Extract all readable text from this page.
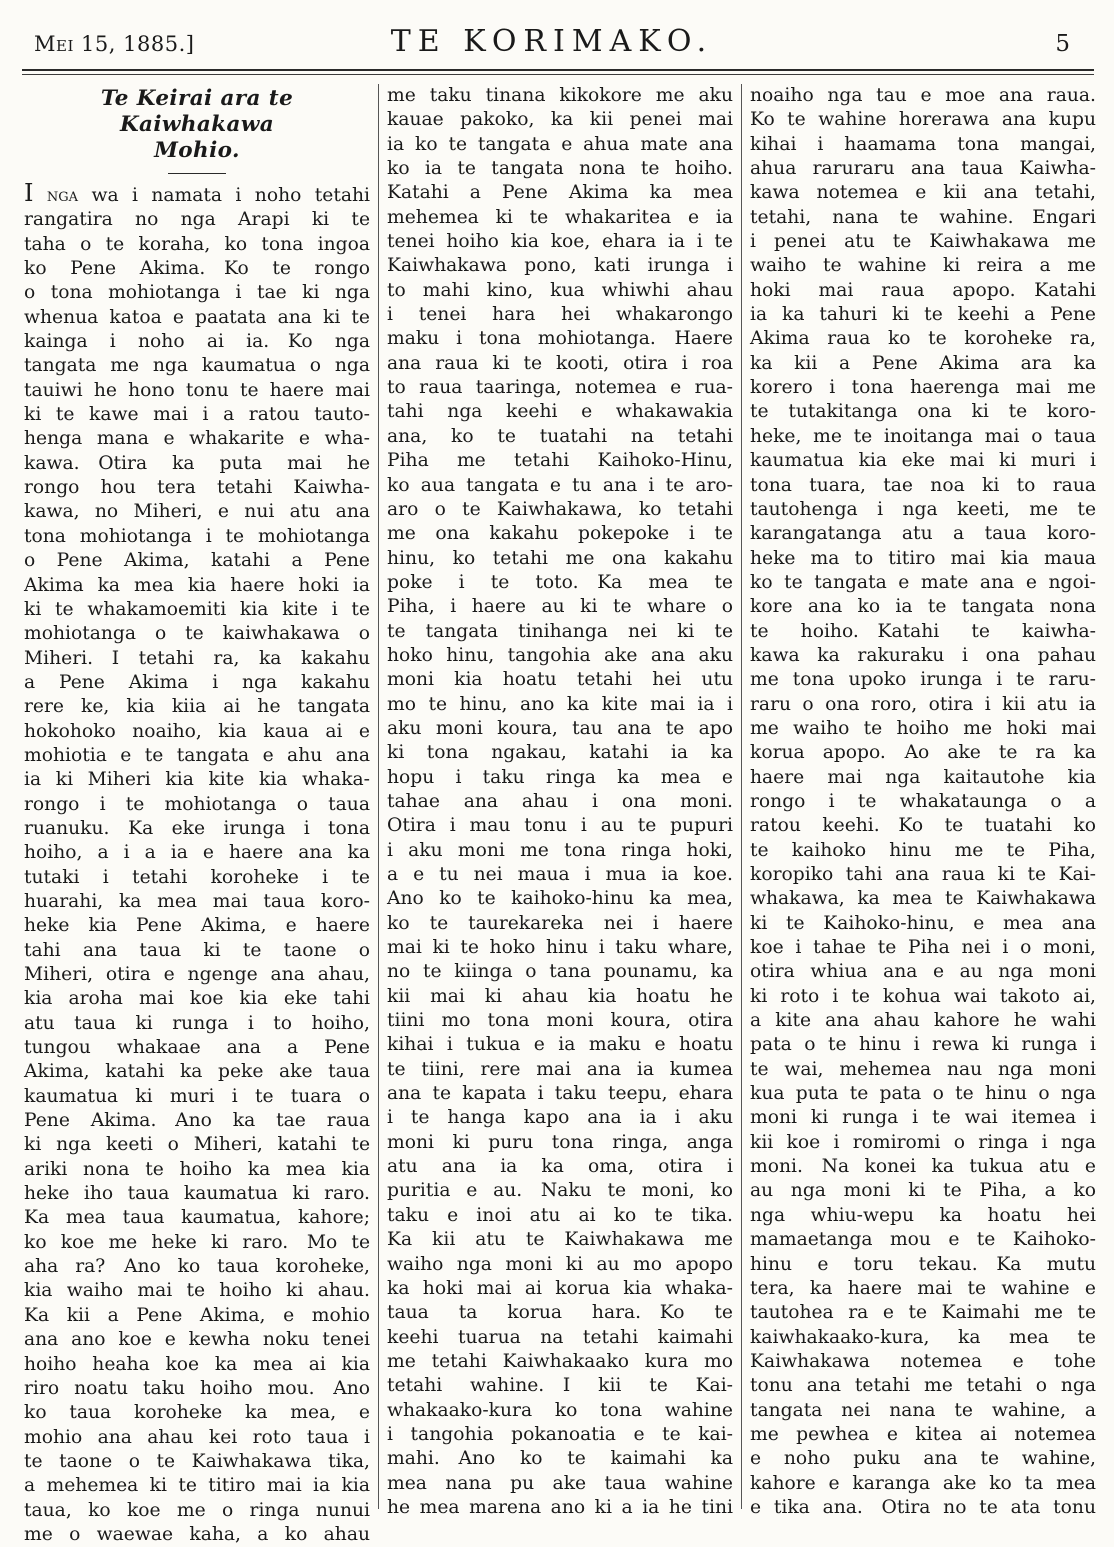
Mei 15, 1885.]	TE KORIMAKO.	5
Te Keirai ara te Kaiwhakawa
Mohio.
I nga wa i namata i noho tetahi
rangatira no nga Arapi ki te
taha o te koraha, ko tona ingoa
ko Pene Akima. Ko te rongo
o tona mohiotanga i tae ki nga
whenua katoa e paatata ana ki te
kainga i noho ai ia. Ko nga
tangata me nga kaumatua o nga
tauiwi he hono tonu te haere mai
ki te kawe mai i a ratou tauto-
henga mana e whakarite e wha-
kawa. Otira ka puta mai he
rongo hou tera tetahi Kaiwha-
kawa, no Miheri, e nui atu ana
tona mohiotanga i te mohiotanga
o Pene Akima, katahi a Pene
Akima ka mea kia haere hoki ia
ki te whakamoemiti kia kite i te
mohiotanga o te kaiwhakawa o
Miheri. I tetahi ra, ka kakahu
a Pene Akima i nga kakahu
rere ke, kia kiia ai he tangata
hokohoko noaiho, kia kaua ai e
mohiotia e te tangata e ahu ana
ia ki Miheri kia kite kia whaka-
rongo i te mohiotanga o taua
ruanuku. Ka eke irunga i tona
hoiho, a i a ia e haere ana ka
tutaki i tetahi koroheke i te
huarahi, ka mea mai taua koro-
heke kia Pene Akima, e haere
tahi ana taua ki te taone o
Miheri, otira e ngenge ana ahau,
kia aroha mai koe kia eke tahi
atu taua ki runga i to hoiho,
tungou whakaae ana a Pene
Akima, katahi ka peke ake taua
kaumatua ki muri i te tuara o
Pene Akima. Ano ka tae raua
ki nga keeti o Miheri, katahi te
ariki nona te hoiho ka mea kia
heke iho taua kaumatua ki raro.
Ka mea taua kaumatua, kahore;
ko koe me heke ki raro. Mo te
aha ra? Ano ko taua koroheke,
kia waiho mai te hoiho ki ahau.
Ka kii a Pene Akima, e mohio
ana ano koe e kewha noku tenei
hoiho heaha koe ka mea ai kia
riro noatu taku hoiho mou. Ano
ko taua koroheke ka mea, e
mohio ana ahau kei roto taua i
te taone o te Kaiwhakawa tika,
a mehemea ki te titiro mai ia kia
taua, ko koe me o ringa nunui
me o waewae kaha, a ko ahau
me taku tinana kikokore me aku
kauae pakoko, ka kii penei mai
ia ko te tangata e ahua mate ana
ko ia te tangata nona te hoiho.
Katahi a Pene Akima ka mea
mehemea ki te whakaritea e ia
tenei hoiho kia koe, ehara ia i te
Kaiwhakawa pono, kati irunga i
to mahi kino, kua whiwhi ahau
i tenei hara hei whakarongo
maku i tona mohiotanga. Haere
ana raua ki te kooti, otira i roa
to raua taaringa, notemea e rua-
tahi nga keehi e whakawakia
ana, ko te tuatahi na tetahi
Piha me tetahi Kaihoko-Hinu,
ko aua tangata e tu ana i te aro-
aro o te Kaiwhakawa, ko tetahi
me ona kakahu pokepoke i te
hinu, ko tetahi me ona kakahu
poke i te toto. Ka mea te
Piha, i haere au ki te whare o
te tangata tinihanga nei ki te
hoko hinu, tangohia ake ana aku
moni kia hoatu tetahi hei utu
mo te hinu, ano ka kite mai ia i
aku moni koura, tau ana te apo
ki tona ngakau, katahi ia ka
hopu i taku ringa ka mea e
tahae ana ahau i ona moni.
Otira i mau tonu i au te pupuri
i aku moni me tona ringa hoki,
a e tu nei maua i mua ia koe.
Ano ko te kaihoko-hinu ka mea,
ko te taurekareka nei i haere
mai ki te hoko hinu i taku whare,
no te kiinga o tana pounamu, ka
kii mai ki ahau kia hoatu he
tiini mo tona moni koura, otira
kihai i tukua e ia maku e hoatu
te tiini, rere mai ana ia kumea
ana te kapata i taku teepu, ehara
i te hanga kapo ana ia i aku
moni ki puru tona ringa, anga
atu ana ia ka oma, otira i
puritia e au. Naku te moni, ko
taku e inoi atu ai ko te tika.
Ka kii atu te Kaiwhakawa me
waiho nga moni ki au mo apopo
ka hoki mai ai korua kia whaka-
taua ta korua hara. Ko te
keehi tuarua na tetahi kaimahi
me tetahi Kaiwhakaako kura mo
tetahi wahine. I kii te Kai-
whakaako-kura ko tona wahine
i tangohia pokanoatia e te kai-
mahi. Ano ko te kaimahi ka
mea nana pu ake taua wahine
he mea marena ano ki a ia he tini
noaiho nga tau e moe ana raua.
Ko te wahine horerawa ana kupu
kihai i haamama tona mangai,
ahua raruraru ana taua Kaiwha-
kawa notemea e kii ana tetahi,
tetahi, nana te wahine. Engari
i penei atu te Kaiwhakawa me
waiho te wahine ki reira a me
hoki mai raua apopo. Katahi
ia ka tahuri ki te keehi a Pene
Akima raua ko te koroheke ra,
ka kii a Pene Akima ara ka
korero i tona haerenga mai me
te tutakitanga ona ki te koro-
heke, me te inoitanga mai o taua
kaumatua kia eke mai ki muri i
tona tuara, tae noa ki to raua
tautohenga i nga keeti, me te
karangatanga atu a taua koro-
heke ma to titiro mai kia maua
ko te tangata e mate ana e ngoi-
kore ana ko ia te tangata nona
te hoiho. Katahi te kaiwha-
kawa ka rakuraku i ona pahau
me tona upoko irunga i te raru-
raru o ona roro, otira i kii atu ia
me waiho te hoiho me hoki mai
korua apopo. Ao ake te ra ka
haere mai nga kaitautohe kia
rongo i te whakataunga o a
ratou keehi. Ko te tuatahi ko
te kaihoko hinu me te Piha,
koropiko tahi ana raua ki te Kai-
whakawa, ka mea te Kaiwhakawa
ki te Kaihoko-hinu, e mea ana
koe i tahae te Piha nei i o moni,
otira whiua ana e au nga moni
ki roto i te kohua wai takoto ai,
a kite ana ahau kahore he wahi
pata o te hinu i rewa ki runga i
te wai, mehemea nau nga moni
kua puta te pata o te hinu o nga
moni ki runga i te wai itemea i
kii koe i romiromi o ringa i nga
moni. Na konei ka tukua atu e
au nga moni ki te Piha, a ko
nga whiu-wepu ka hoatu hei
mamaetanga mou e te Kaihoko-
hinu e toru tekau. Ka mutu
tera, ka haere mai te wahine e
tautohea ra e te Kaimahi me te
kaiwhakaako-kura, ka mea te
Kaiwhakawa notemea e tohe
tonu ana tetahi me tetahi o nga
tangata nei nana te wahine, a
me pewhea e kitea ai notemea
e noho puku ana te wahine,
kahore e karanga ake ko ta mea
e tika ana. Otira no te ata tonu
